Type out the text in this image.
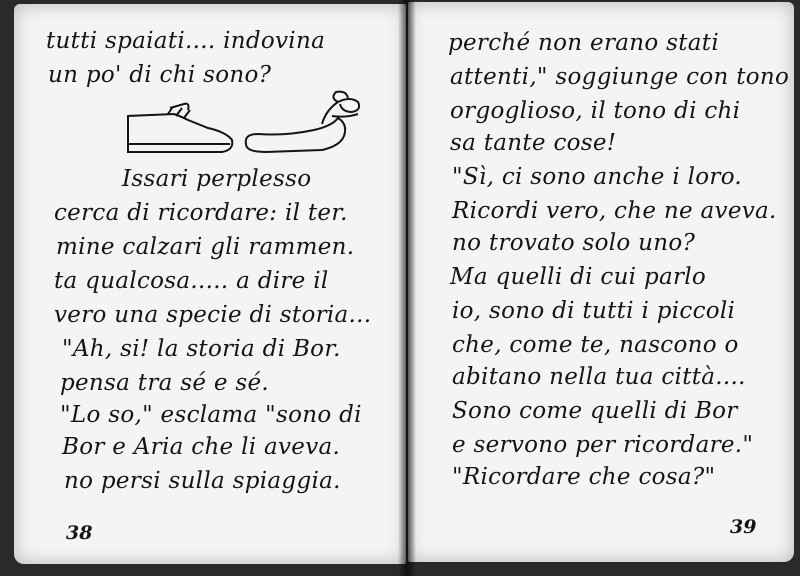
tutti spaiati.... indovina
un po' di chi sono?
Issari perplesso
cerca di ricordare: il ter.
mine calzari gli rammen.
ta qualcosa..... a dire il
vero una specie di storia...
"Ah, si! la storia di Bor.
pensa tra sé e sé.
"Lo so," esclama "sono di
Bor e Aria che li aveva.
no persi sulla spiaggia.
38
perché non erano stati
attenti," soggiunge con tono
orgoglioso, il tono di chi
sa tante cose!
"Sì, ci sono anche i loro.
Ricordi vero, che ne aveva.
no trovato solo uno?
Ma quelli di cui parlo
io, sono di tutti i piccoli
che, come te, nascono o
abitano nella tua città....
Sono come quelli di Bor
e servono per ricordare."
"Ricordare che cosa?"
39
